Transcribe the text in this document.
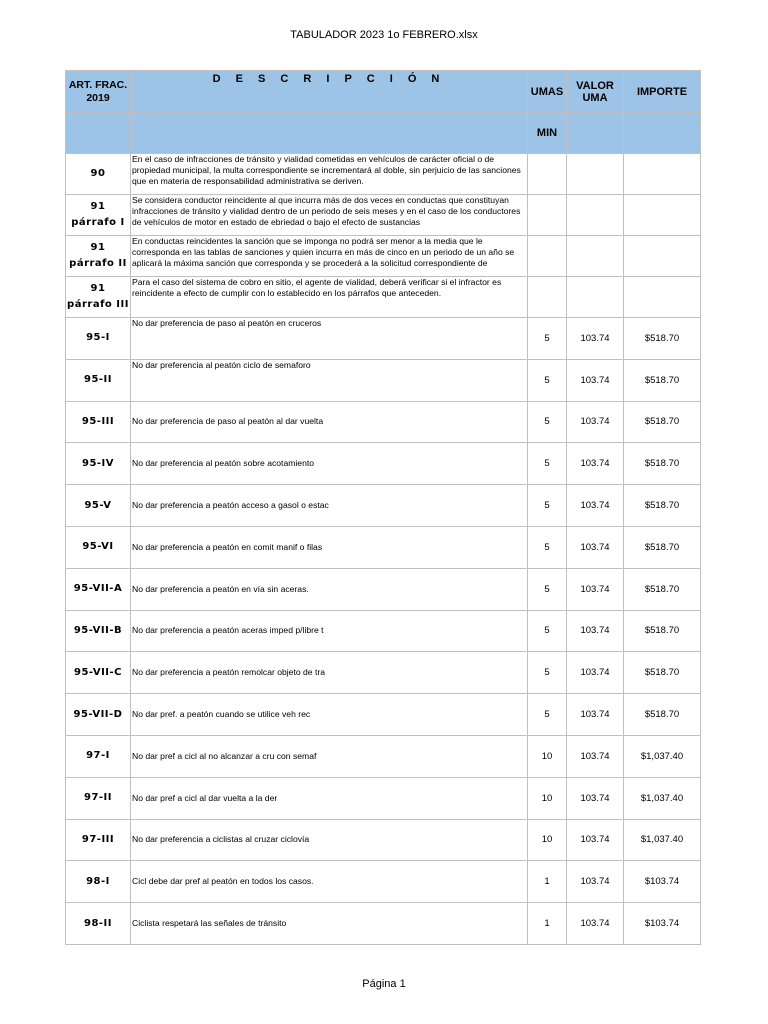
TABULADOR 2023 1o FEBRERO.xlsx
ART. FRAC. 2019	D E S C R I P C I Ó N	UMAS	VALOR UMA	IMPORTE
		MIN		
90	En el caso de infracciones de tránsito y vialidad cometidas en vehículos de carácter oficial o de propiedad municipal, la multa correspondiente se incrementará al doble, sin perjuicio de las sanciones que en materia de responsabilidad administrativa se deriven.			

91 párrafo I	Se considera conductor reincidente al que incurra más de dos veces en conductas que constituyan infracciones de tránsito y vialidad dentro de un periodo de seis meses y en el caso de los conductores de vehículos de motor en estado de ebriedad o bajo el efecto de sustancias			

91 párrafo II	En conductas reincidentes la sanción que se imponga no podrá ser menor a la media que le corresponda en las tablas de sanciones y quien incurra en más de cinco en un periodo de un año se aplicará la máxima sanción que corresponda y se procederá a la solicitud correspondiente de			

91 párrafo III	Para el caso del sistema de cobro en sitio, el agente de vialidad, deberá verificar si el infractor es reincidente a efecto de cumplir con lo establecido en los párrafos que anteceden.			

95-I	No dar preferencia de paso al peatón en cruceros	5	103.74	$518.70
95-II	No dar preferencia al peatón ciclo de semaforo	5	103.74	$518.70
95-III	No dar preferencia de paso al peatón al dar vuelta	5	103.74	$518.70
95-IV	No dar preferencia al peatón sobre acotamiento	5	103.74	$518.70
95-V	No dar preferencia a peatón acceso a gasol o estac	5	103.74	$518.70
95-VI	No dar preferencia a peatón en comit manif o filas	5	103.74	$518.70
95-VII-A	No dar preferencia a peatón en vía sin aceras.	5	103.74	$518.70
95-VII-B	No dar preferencia a peatón aceras imped p/libre t	5	103.74	$518.70
95-VII-C	No dar preferencia a peatón remolcar objeto de tra	5	103.74	$518.70
95-VII-D	No dar pref. a peatón cuando se utilice veh rec	5	103.74	$518.70
97-I	No dar pref a cicl al no alcanzar a cru con semaf	10	103.74	$1,037.40
97-II	No dar pref a cicl al dar vuelta a la der	10	103.74	$1,037.40
97-III	No dar preferencia a ciclistas al cruzar ciclovía	10	103.74	$1,037.40
98-I	Cicl debe dar pref al peatón en todos los casos.	1	103.74	$103.74
98-II	Ciclista respetará las señales de tránsito	1	103.74	$103.74
Página 1
